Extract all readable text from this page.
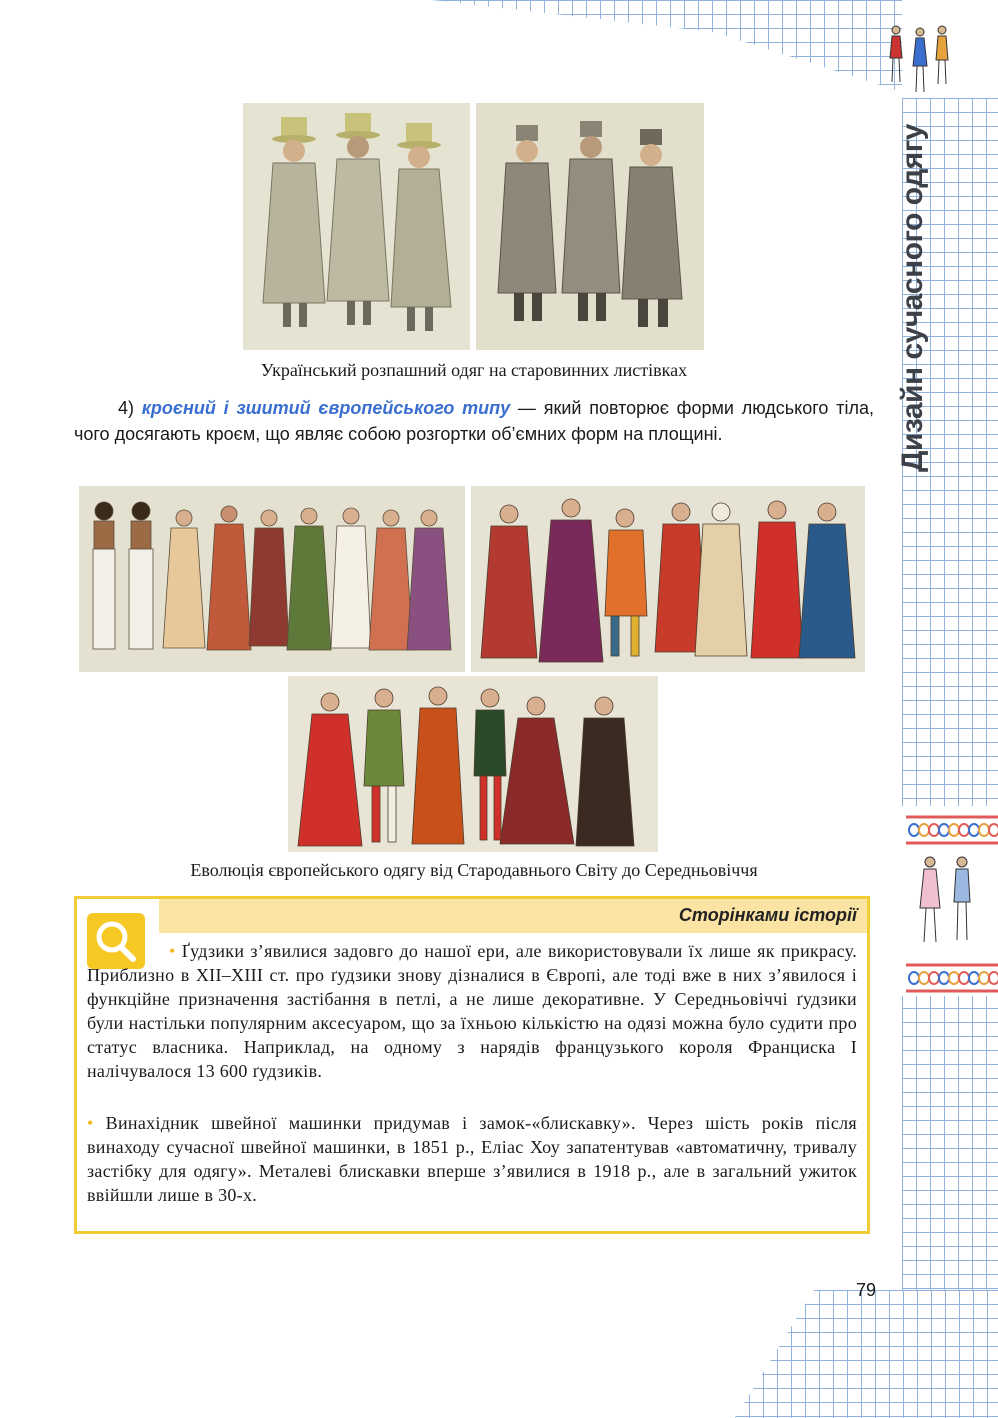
Дизайн сучасного одягу
Український розпашний одяг на старовинних листівках
4) кроєний і зшитий європейського типу — який повторює форми людського тіла, чого досягають кроєм, що являє собою розгортки об’ємних форм на площині.
Еволюція європейського одягу від Стародавнього Світу до Середньовіччя
Сторінками історії
• Ґудзики з’явилися задовго до нашої ери, але використовували їх лише як прикрасу. Приблизно в XII–XIII ст. про ґудзики знову дізналися в Європі, але тоді вже в них з’явилося і функційне призначення застібання в петлі, а не лише декоративне. У Середньовіччі ґудзики були настільки популярним аксесуаром, що за їхньою кількістю на одязі можна було судити про статус власника. Наприклад, на одному з нарядів французького короля Франциска І налічувалося 13 600 ґудзиків.
• Винахідник швейної машинки придумав і замок-«блискавку». Через шість років після винаходу сучасної швейної машинки, в 1851 р., Еліас Хоу запатентував «автоматичну, тривалу застібку для одягу». Металеві блискавки вперше з’явилися в 1918 р., але в загальний ужиток ввійшли лише в 30-х.
79
